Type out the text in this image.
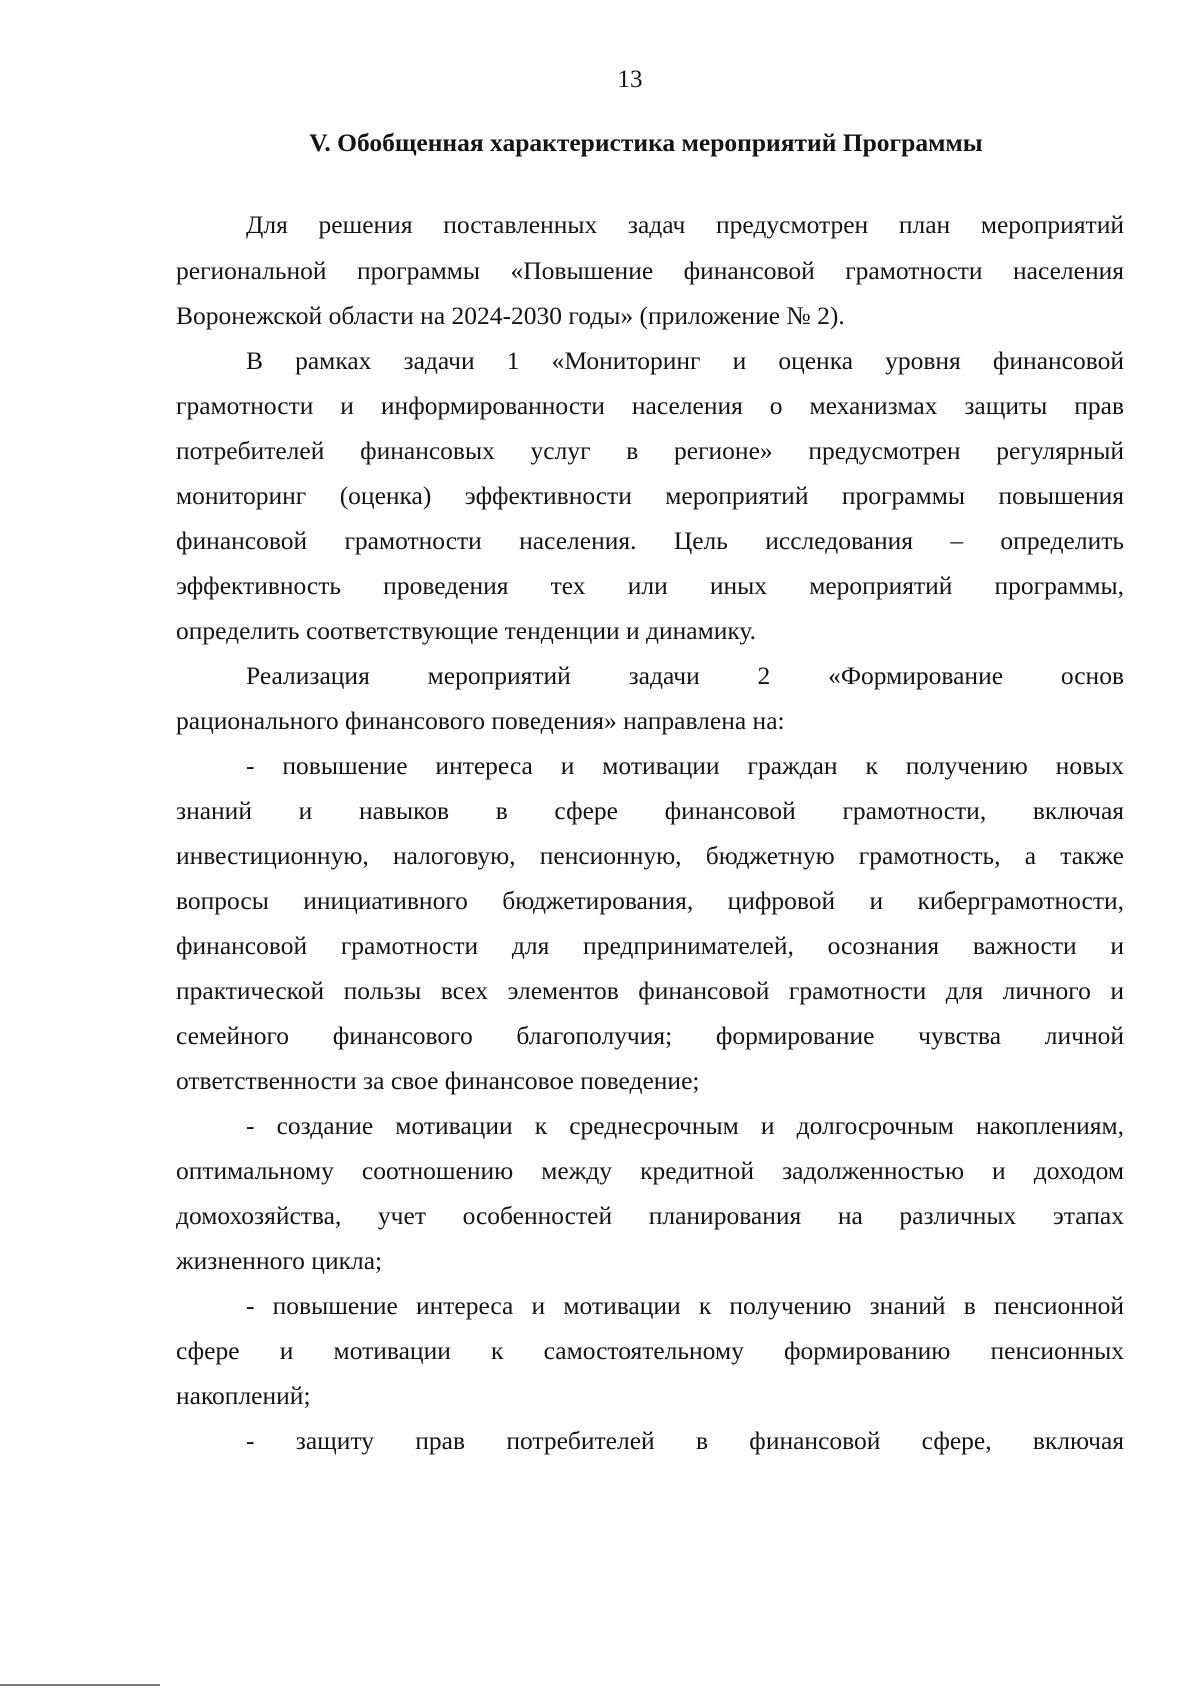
13
V. Обобщенная характеристика мероприятий Программы
Для решения поставленных задач предусмотрен план мероприятий
региональной программы «Повышение финансовой грамотности населения
Воронежской области на 2024-2030 годы» (приложение № 2).
В рамках задачи 1 «Мониторинг и оценка уровня финансовой
грамотности и информированности населения о механизмах защиты прав
потребителей финансовых услуг в регионе» предусмотрен регулярный
мониторинг (оценка) эффективности мероприятий программы повышения
финансовой грамотности населения. Цель исследования – определить
эффективность проведения тех или иных мероприятий программы,
определить соответствующие тенденции и динамику.
Реализация мероприятий задачи 2 «Формирование основ
рационального финансового поведения» направлена на:
- повышение интереса и мотивации граждан к получению новых
знаний и навыков в сфере финансовой грамотности, включая
инвестиционную, налоговую, пенсионную, бюджетную грамотность, а также
вопросы инициативного бюджетирования, цифровой и киберграмотности,
финансовой грамотности для предпринимателей, осознания важности и
практической пользы всех элементов финансовой грамотности для личного и
семейного финансового благополучия; формирование чувства личной
ответственности за свое финансовое поведение;
- создание мотивации к среднесрочным и долгосрочным накоплениям,
оптимальному соотношению между кредитной задолженностью и доходом
домохозяйства, учет особенностей планирования на различных этапах
жизненного цикла;
- повышение интереса и мотивации к получению знаний в пенсионной
сфере и мотивации к самостоятельному формированию пенсионных
накоплений;
- защиту прав потребителей в финансовой сфере, включая
